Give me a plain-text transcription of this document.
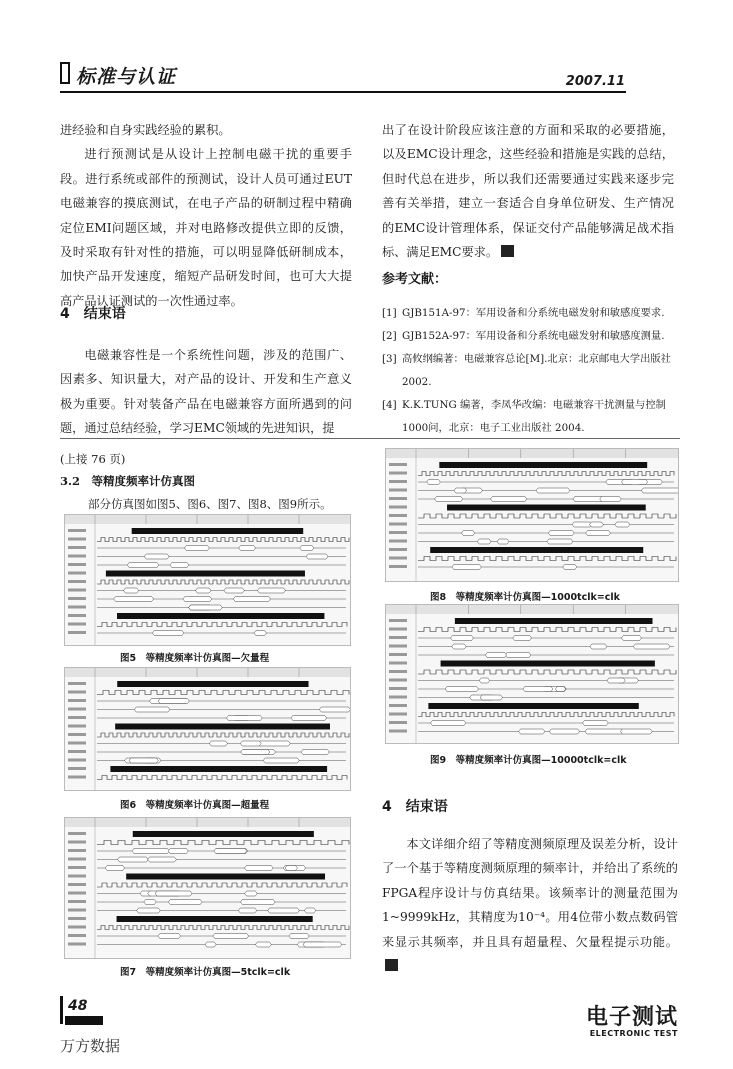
标准与认证	2007.11

进经验和自身实践经验的累积。

进行预测试是从设计上控制电磁干扰的重要手段。进行系统或部件的预测试，设计人员可通过EUT电磁兼容的摸底测试，在电子产品的研制过程中精确定位EMI问题区域，并对电路修改提供立即的反馈，及时采取有针对性的措施，可以明显降低研制成本，加快产品开发速度，缩短产品研发时间，也可大大提高产品认证测试的一次性通过率。

4　结束语

电磁兼容性是一个系统性问题，涉及的范围广、因素多、知识量大，对产品的设计、开发和生产意义极为重要。针对装备产品在电磁兼容方面所遇到的问题，通过总结经验，学习EMC领域的先进知识，提

出了在设计阶段应该注意的方面和采取的必要措施，以及EMC设计理念，这些经验和措施是实践的总结，但时代总在进步，所以我们还需要通过实践来逐步完善有关举措，建立一套适合自身单位研发、生产情况的EMC设计管理体系，保证交付产品能够满足战术指标、满足EMC要求。

参考文献：
[1] GJB151A-97：军用设备和分系统电磁发射和敏感度要求.
[2] GJB152A-97：军用设备和分系统电磁发射和敏感度测量.
[3] 高攸纲编著：电磁兼容总论[M].北京：北京邮电大学出版社 2002.
[4] K.K.TUNG 编著，李凤华改编：电磁兼容干扰测量与控制1000问，北京：电子工业出版社 2004.
(上接 76 页)
3.2　等精度频率计仿真图
部分仿真图如图5、图6、图7、图8、图9所示。
图5　等精度频率计仿真图—欠量程
图6　等精度频率计仿真图—超量程
图7　等精度频率计仿真图—5tclk=clk
图8　等精度频率计仿真图—1000tclk=clk
图9　等精度频率计仿真图—10000tclk=clk
4　结束语

本文详细介绍了等精度测频原理及误差分析，设计了一个基于等精度测频原理的频率计，并给出了系统的FPGA程序设计与仿真结果。该频率计的测量范围为1~9999kHz，其精度为10⁻⁴。用4位带小数点数码管来显示其频率，并且具有超量程、欠量程提示功能。

48
万方数据
电子测试
ELECTRONIC TEST
